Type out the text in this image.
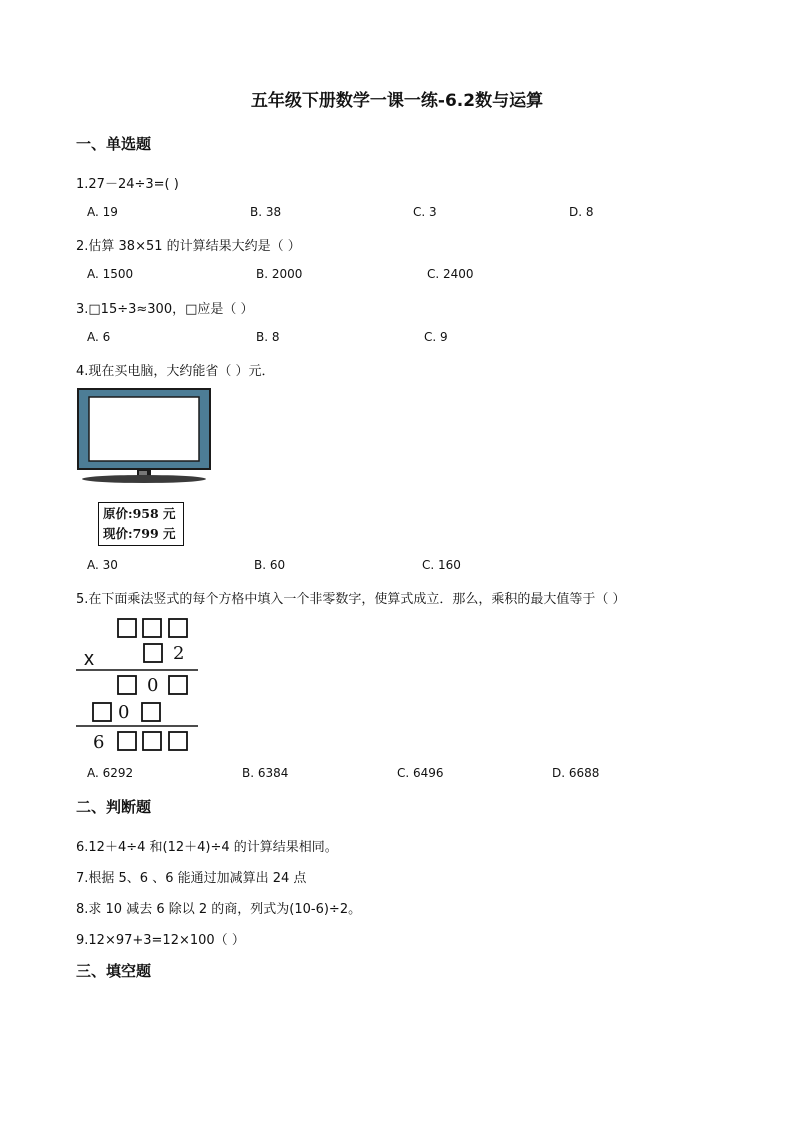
五年级下册数学一课一练-6.2数与运算
一、单选题
1.27－24÷3=( )
A. 19	B. 38	C. 3	D. 8
2.估算 38×51 的计算结果大约是（ ）
A. 1500	B. 2000	C. 2400
3.□15÷3≈300，□应是（ ）
A. 6	B. 8	C. 9
4.现在买电脑，大约能省（ ）元．
原价:958 元
现价:799 元
A. 30	B. 60	C. 160
5.在下面乘法竖式的每个方格中填入一个非零数字，使算式成立．那么，乘积的最大值等于（ ）
x	2
0
0
6
A. 6292	B. 6384	C. 6496	D. 6688
二、判断题
6.12＋4÷4 和(12＋4)÷4 的计算结果相同。
7.根据 5、6 、6 能通过加减算出 24 点
8.求 10 减去 6 除以 2 的商，列式为(10-6)÷2。
9.12×97+3=12×100（ ）
三、填空题
